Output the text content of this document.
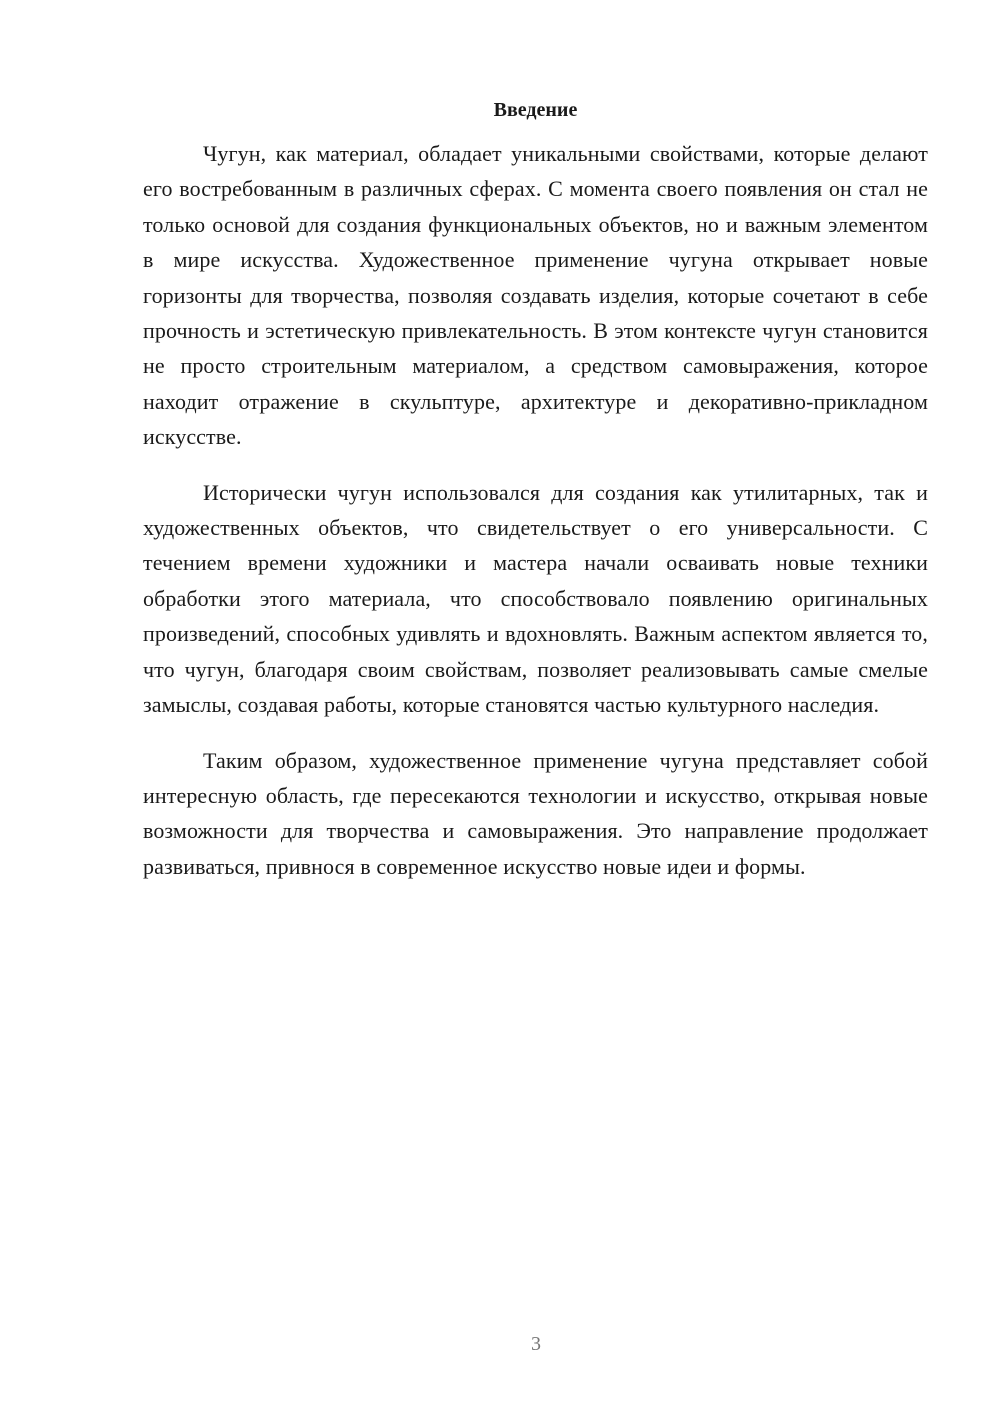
Введение

Чугун, как материал, обладает уникальными свойствами, которые делают его востребованным в различных сферах. С момента своего появления он стал не только основой для создания функциональных объектов, но и важным элементом в мире искусства. Художественное применение чугуна открывает новые горизонты для творчества, позволяя создавать изделия, которые сочетают в себе прочность и эстетическую привлекательность. В этом контексте чугун становится не просто строительным материалом, а средством самовыражения, которое находит отражение в скульптуре, архитектуре и декоративно-прикладном искусстве.

Исторически чугун использовался для создания как утилитарных, так и художественных объектов, что свидетельствует о его универсальности. С течением времени художники и мастера начали осваивать новые техники обработки этого материала, что способствовало появлению оригинальных произведений, способных удивлять и вдохновлять. Важным аспектом является то, что чугун, благодаря своим свойствам, позволяет реализовывать самые смелые замыслы, создавая работы, которые становятся частью культурного наследия.

Таким образом, художественное применение чугуна представляет собой интересную область, где пересекаются технологии и искусство, открывая новые возможности для творчества и самовыражения. Это направление продолжает развиваться, привнося в современное искусство новые идеи и формы.

3
